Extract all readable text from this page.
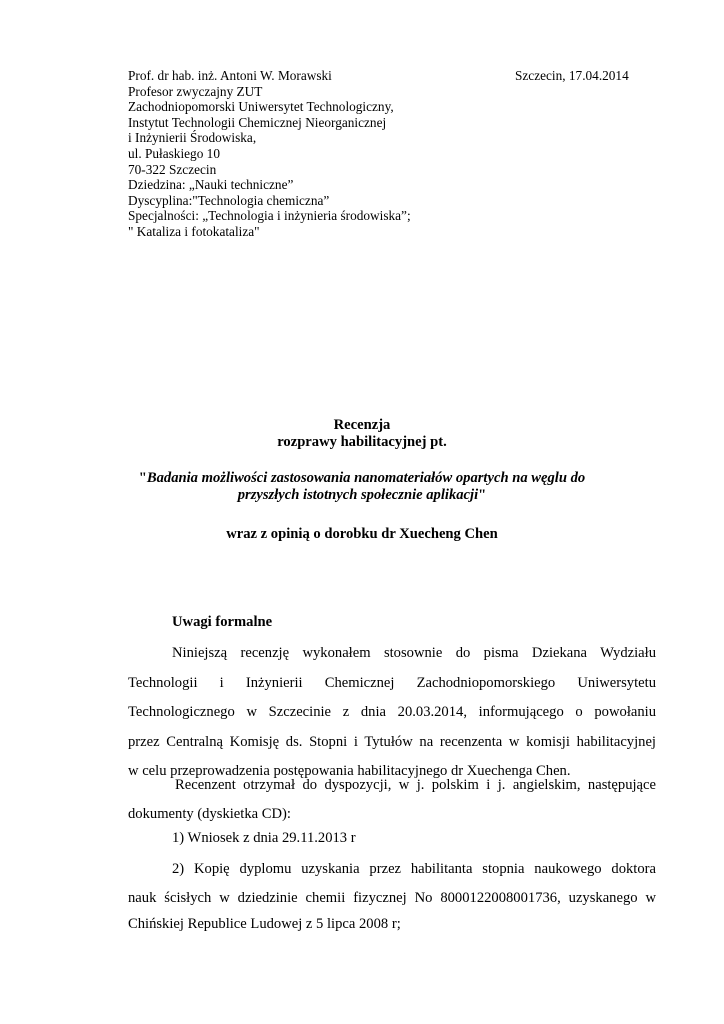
Prof. dr hab. inż. Antoni W. Morawski
Profesor zwyczajny ZUT
Zachodniopomorski Uniwersytet Technologiczny,
Instytut Technologii Chemicznej Nieorganicznej
i Inżynierii Środowiska,
ul. Pułaskiego 10
70-322 Szczecin
Dziedzina: „Nauki techniczne”
Dyscyplina:"Technologia chemiczna”
Specjalności: „Technologia i inżynieria środowiska”;
" Kataliza i fotokataliza"
Szczecin, 17.04.2014
Recenzja
rozprawy habilitacyjnej pt.
"Badania możliwości zastosowania nanomateriałów opartych na węglu do
przyszłych istotnych społecznie aplikacji"
wraz z opinią o dorobku dr Xuecheng Chen
Uwagi formalne
Niniejszą recenzję wykonałem stosownie do pisma Dziekana Wydziału
Technologii i Inżynierii Chemicznej Zachodniopomorskiego Uniwersytetu
Technologicznego w Szczecinie z dnia 20.03.2014, informującego o powołaniu
przez Centralną Komisję ds. Stopni i Tytułów na recenzenta w komisji habilitacyjnej
w celu przeprowadzenia postępowania habilitacyjnego dr Xuechenga Chen.
Recenzent otrzymał do dyspozycji, w j. polskim i j. angielskim, następujące
dokumenty (dyskietka CD):
1) Wniosek z dnia 29.11.2013 r
2) Kopię dyplomu uzyskania przez habilitanta stopnia naukowego doktora
nauk ścisłych w dziedzinie chemii fizycznej No 8000122008001736, uzyskanego w
Chińskiej Republice Ludowej z 5 lipca 2008 r;
